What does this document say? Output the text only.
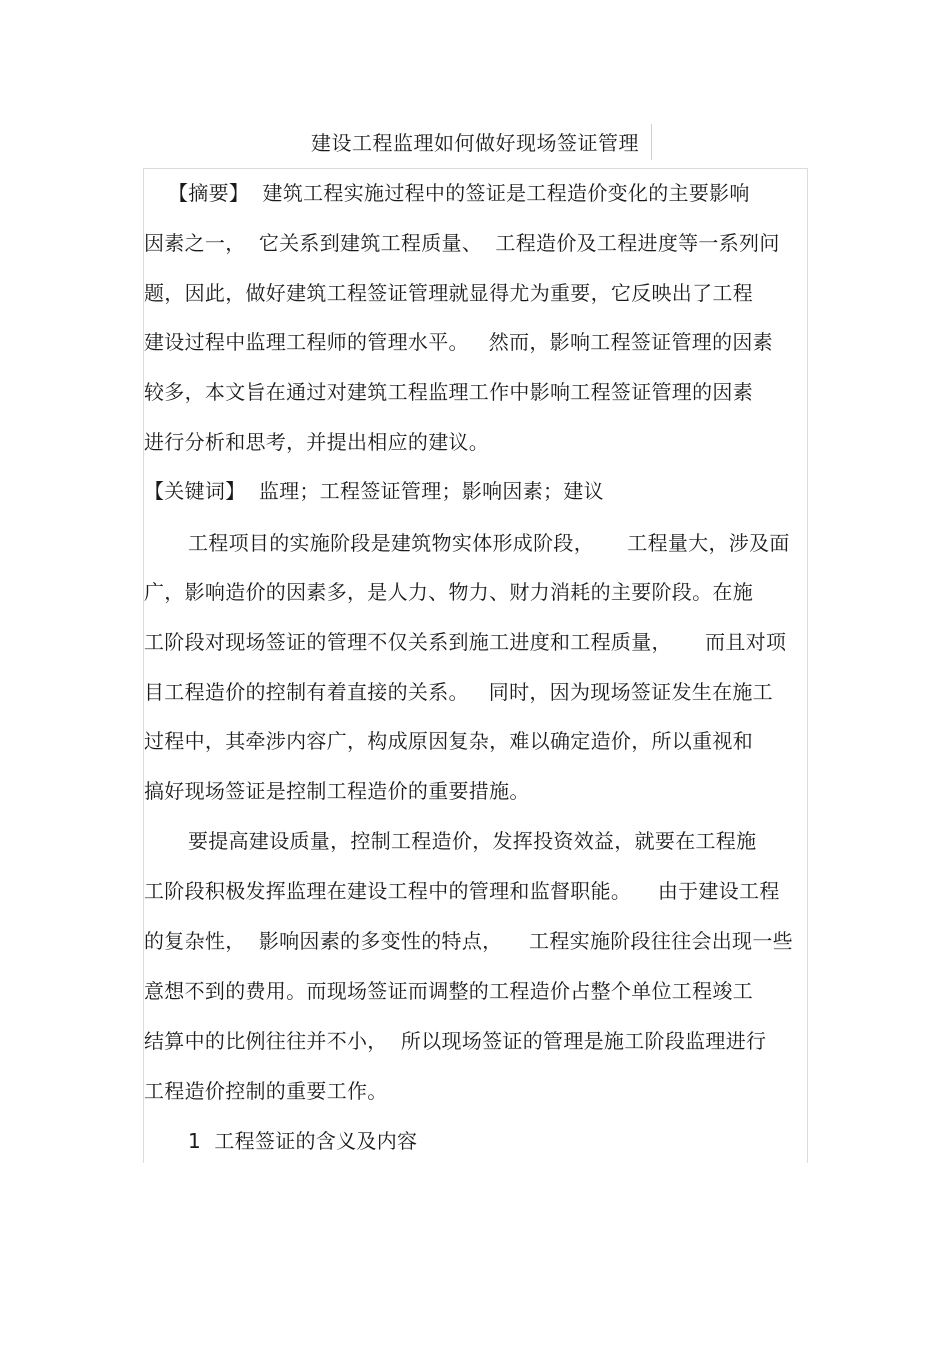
建设工程监理如何做好现场签证管理
【摘要】  建筑工程实施过程中的签证是工程造价变化的主要影响
因素之一，  它关系到建筑工程质量、  工程造价及工程进度等一系列问
题，因此，做好建筑工程签证管理就显得尤为重要，它反映出了工程
建设过程中监理工程师的管理水平。   然而，影响工程签证管理的因素
较多，本文旨在通过对建筑工程监理工作中影响工程签证管理的因素
进行分析和思考，并提出相应的建议。
【关键词】  监理；工程签证管理；影响因素；建议
工程项目的实施阶段是建筑物实体形成阶段，     工程量大，涉及面
广，影响造价的因素多，是人力、物力、财力消耗的主要阶段。在施
工阶段对现场签证的管理不仅关系到施工进度和工程质量，     而且对项
目工程造价的控制有着直接的关系。   同时，因为现场签证发生在施工
过程中，其牵涉内容广，构成原因复杂，难以确定造价，所以重视和
搞好现场签证是控制工程造价的重要措施。
要提高建设质量，控制工程造价，发挥投资效益，就要在工程施
工阶段积极发挥监理在建设工程中的管理和监督职能。    由于建设工程
的复杂性，  影响因素的多变性的特点，    工程实施阶段往往会出现一些
意想不到的费用。而现场签证而调整的工程造价占整个单位工程竣工
结算中的比例往往并不小，  所以现场签证的管理是施工阶段监理进行
工程造价控制的重要工作。
1  工程签证的含义及内容
